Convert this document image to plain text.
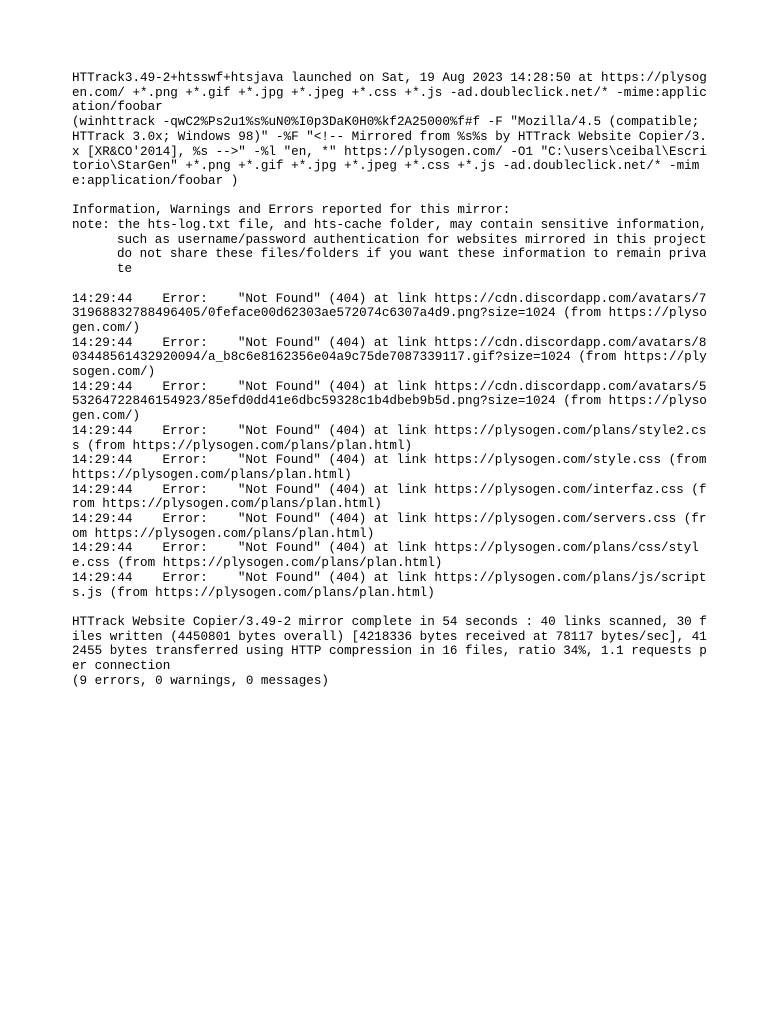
HTTrack3.49-2+htsswf+htsjava launched on Sat, 19 Aug 2023 14:28:50 at https://plysogen.com/ +*.png +*.gif +*.jpg +*.jpeg +*.css +*.js -ad.doubleclick.net/* -mime:application/foobar
(winhttrack -qwC2%Ps2u1%s%uN0%I0p3DaK0H0%kf2A25000%f#f -F "Mozilla/4.5 (compatible; HTTrack 3.0x; Windows 98)" -%F "<!-- Mirrored from %s%s by HTTrack Website Copier/3.x [XR&CO'2014], %s -->" -%l "en, *" https://plysogen.com/ -O1 "C:\users\ceibal\Escritorio\StarGen" +*.png +*.gif +*.jpg +*.jpeg +*.css +*.js -ad.doubleclick.net/* -mime:application/foobar )
Information, Warnings and Errors reported for this mirror:
note: the hts-log.txt file, and hts-cache folder, may contain sensitive information,
such as username/password authentication for websites mirrored in this project
do not share these files/folders if you want these information to remain private
14:29:44 Error: "Not Found" (404) at link https://cdn.discordapp.com/avatars/731968832788496405/0feface00d62303ae572074c6307a4d9.png?size=1024 (from https://plysogen.com/)
14:29:44 Error: "Not Found" (404) at link https://cdn.discordapp.com/avatars/803448561432920094/a_b8c6e8162356e04a9c75de7087339117.gif?size=1024 (from https://plysogen.com/)
14:29:44 Error: "Not Found" (404) at link https://cdn.discordapp.com/avatars/553264722846154923/85efd0dd41e6dbc59328c1b4dbeb9b5d.png?size=1024 (from https://plysogen.com/)
14:29:44 Error: "Not Found" (404) at link https://plysogen.com/plans/style2.css (from https://plysogen.com/plans/plan.html)
14:29:44 Error: "Not Found" (404) at link https://plysogen.com/style.css (from https://plysogen.com/plans/plan.html)
14:29:44 Error: "Not Found" (404) at link https://plysogen.com/interfaz.css (from https://plysogen.com/plans/plan.html)
14:29:44 Error: "Not Found" (404) at link https://plysogen.com/servers.css (from https://plysogen.com/plans/plan.html)
14:29:44 Error: "Not Found" (404) at link https://plysogen.com/plans/css/style.css (from https://plysogen.com/plans/plan.html)
14:29:44 Error: "Not Found" (404) at link https://plysogen.com/plans/js/scripts.js (from https://plysogen.com/plans/plan.html)
HTTrack Website Copier/3.49-2 mirror complete in 54 seconds : 40 links scanned, 30 files written (4450801 bytes overall) [4218336 bytes received at 78117 bytes/sec], 412455 bytes transferred using HTTP compression in 16 files, ratio 34%, 1.1 requests per connection
(9 errors, 0 warnings, 0 messages)
